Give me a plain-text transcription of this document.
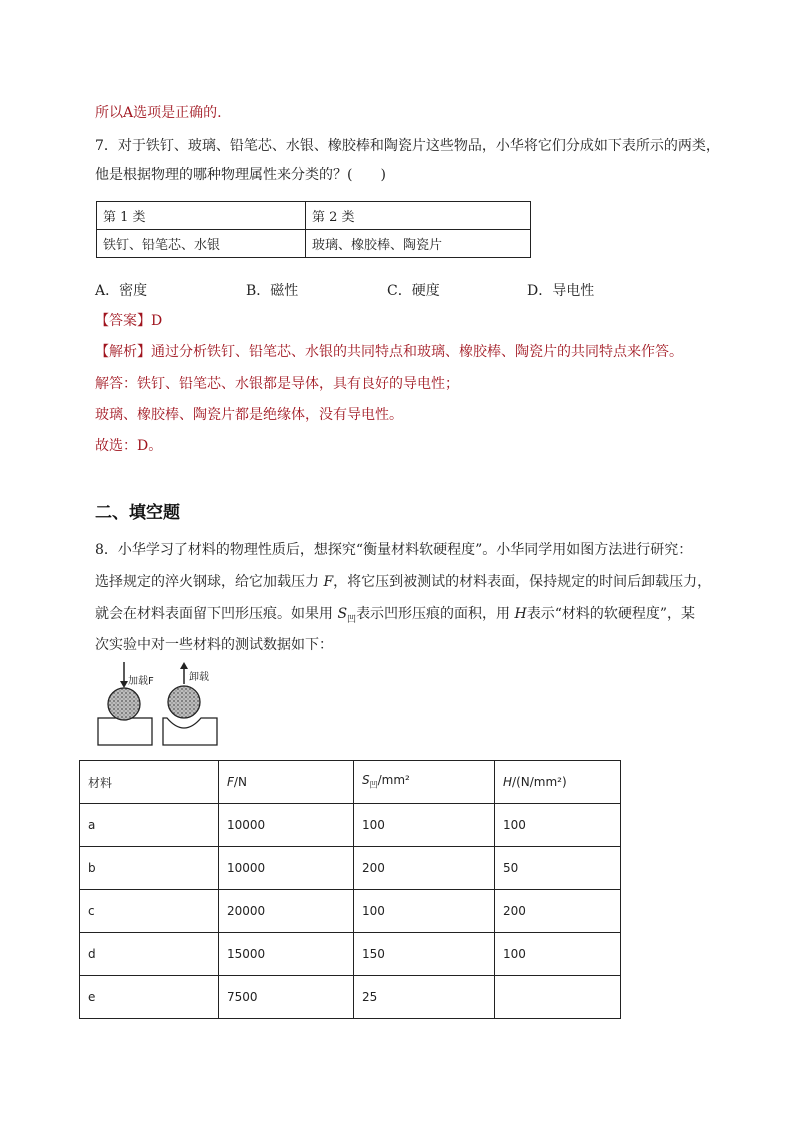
所以A选项是正确的.
7．对于铁钉、玻璃、铅笔芯、水银、橡胶棒和陶瓷片这些物品，小华将它们分成如下表所示的两类，
他是根据物理的哪种物理属性来分类的？(　　)
第 1 类	第 2 类
铁钉、铅笔芯、水银	玻璃、橡胶棒、陶瓷片
A．密度	B．磁性	C．硬度	D．导电性
【答案】D
【解析】通过分析铁钉、铅笔芯、水银的共同特点和玻璃、橡胶棒、陶瓷片的共同特点来作答。
解答：铁钉、铅笔芯、水银都是导体，具有良好的导电性；
玻璃、橡胶棒、陶瓷片都是绝缘体，没有导电性。
故选：D。
二、填空题
8．小华学习了材料的物理性质后，想探究“衡量材料软硬程度”。小华同学用如图方法进行研究：
选择规定的淬火钢球，给它加载压力 F，将它压到被测试的材料表面，保持规定的时间后卸载压力，
就会在材料表面留下凹形压痕。如果用 $S_凹$表示凹形压痕的面积，用 H表示“材料的软硬程度”，某
次实验中对一些材料的测试数据如下：
加载F	卸载
材料	F/N	$S_凹$/mm²	H/(N/mm²)
a	10000	100	100
b	10000	200	50
c	20000	100	200
d	15000	150	100
e	7500	25	
